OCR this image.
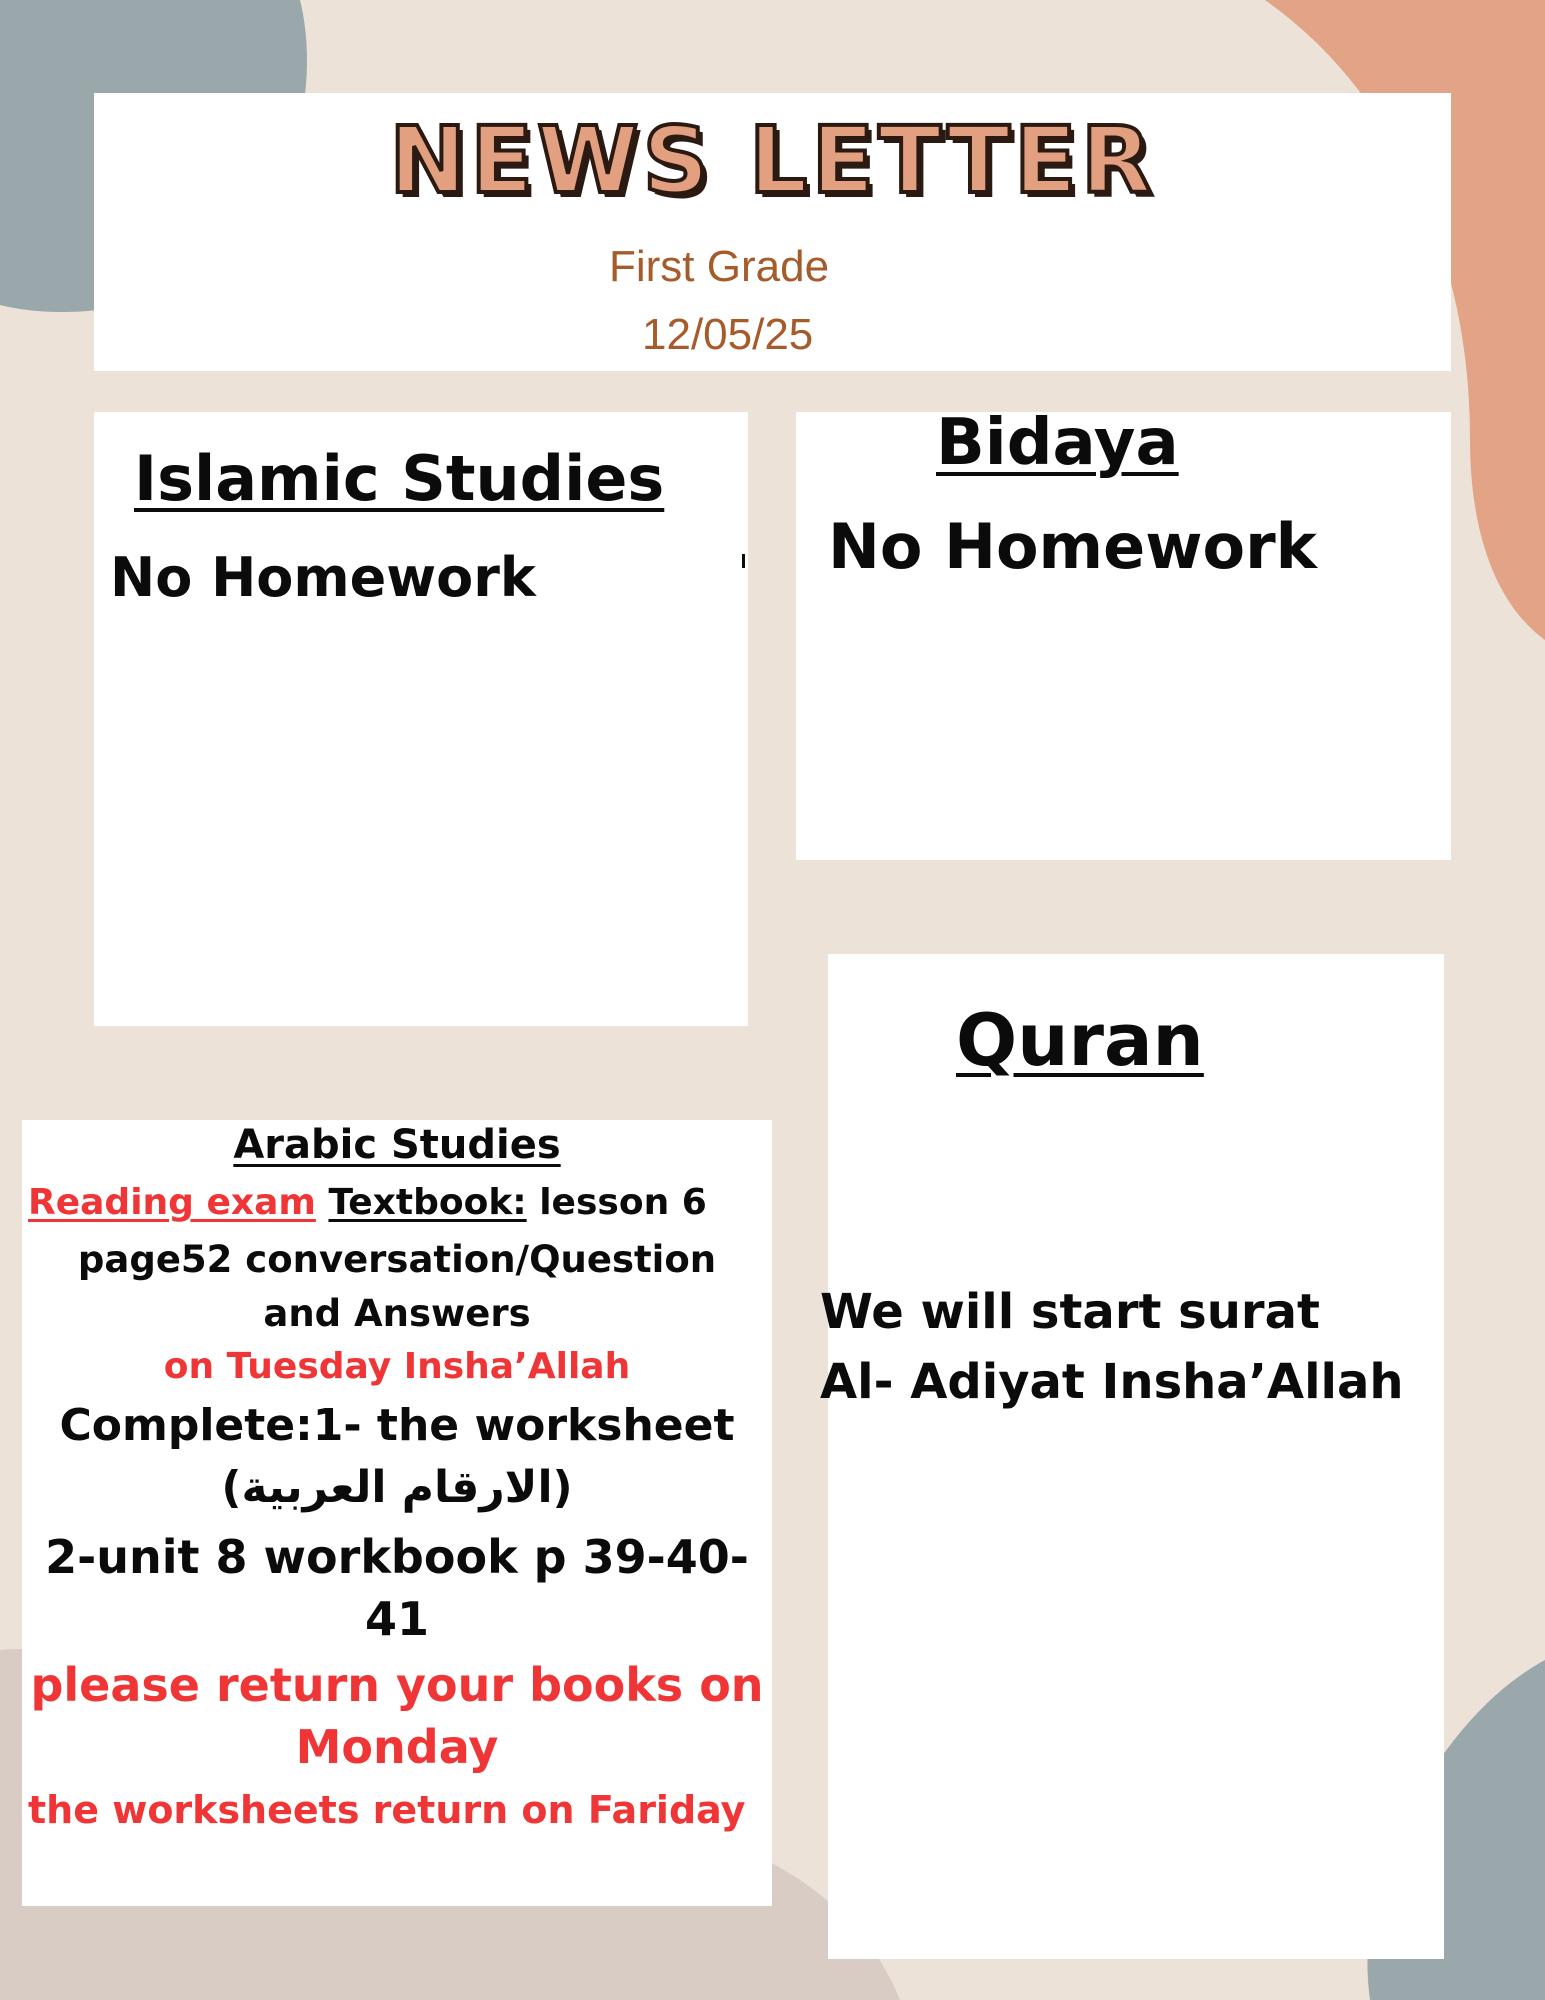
NEWS LETTER
First Grade
12/05/25
Islamic Studies
No Homework
Bidaya
No Homework
Quran
We will start surat
Al- Adiyat Insha’Allah
Arabic Studies
Reading exam Textbook: lesson 6
page52 conversation/Question
and Answers
on Tuesday Insha’Allah
Complete:1- the worksheet
(الارقام العربية)
2-unit 8 workbook p 39-40-
41
please return your books on
Monday
the worksheets return on Fariday
